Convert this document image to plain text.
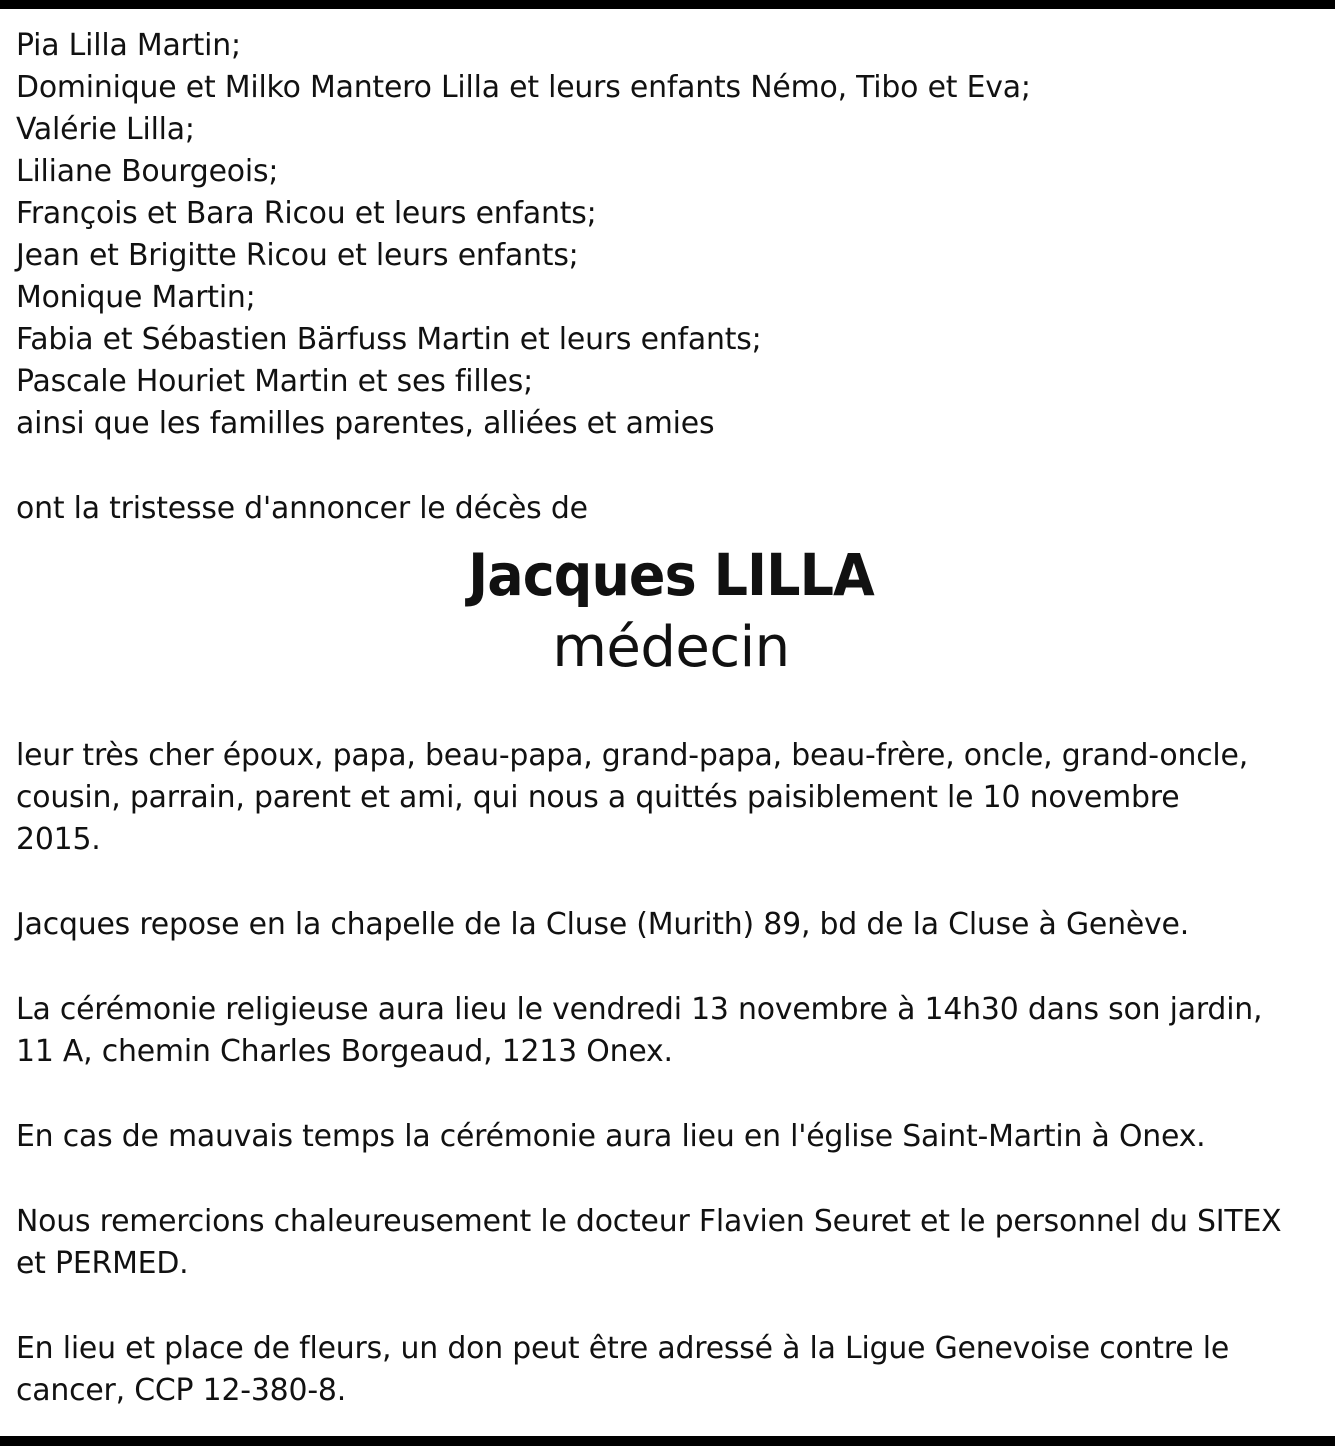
Pia Lilla Martin;
Dominique et Milko Mantero Lilla et leurs enfants Némo, Tibo et Eva;
Valérie Lilla;
Liliane Bourgeois;
François et Bara Ricou et leurs enfants;
Jean et Brigitte Ricou et leurs enfants;
Monique Martin;
Fabia et Sébastien Bärfuss Martin et leurs enfants;
Pascale Houriet Martin et ses filles;
ainsi que les familles parentes, alliées et amies
ont la tristesse d'annoncer le décès de
Jacques LILLA
médecin
leur très cher époux, papa, beau-papa, grand-papa, beau-frère, oncle, grand-oncle,
cousin, parrain, parent et ami, qui nous a quittés paisiblement le 10 novembre
2015.
Jacques repose en la chapelle de la Cluse (Murith) 89, bd de la Cluse à Genève.
La cérémonie religieuse aura lieu le vendredi 13 novembre à 14h30 dans son jardin,
11 A, chemin Charles Borgeaud, 1213 Onex.
En cas de mauvais temps la cérémonie aura lieu en l'église Saint-Martin à Onex.
Nous remercions chaleureusement le docteur Flavien Seuret et le personnel du SITEX
et PERMED.
En lieu et place de fleurs, un don peut être adressé à la Ligue Genevoise contre le
cancer, CCP 12-380-8.
